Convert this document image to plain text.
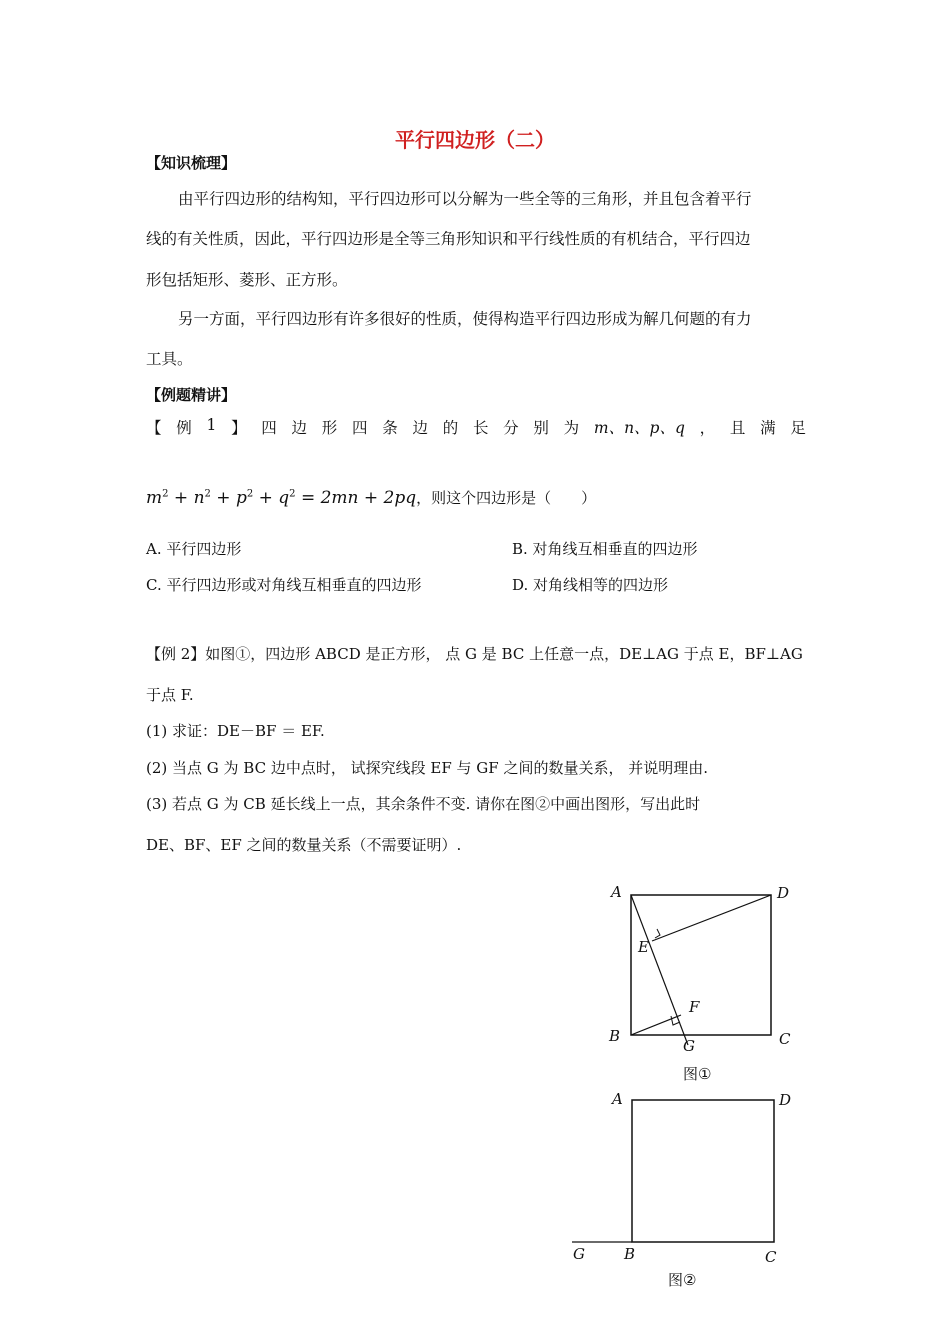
平行四边形（二）
【知识梳理】
由平行四边形的结构知，平行四边形可以分解为一些全等的三角形，并且包含着平行
线的有关性质，因此，平行四边形是全等三角形知识和平行线性质的有机结合，平行四边
形包括矩形、菱形、正方形。
另一方面，平行四边形有许多很好的性质，使得构造平行四边形成为解几何题的有力
工具。
【例题精讲】
【 例 1 】 四 边 形 四 条 边 的 长 分 别 为 m、n、p、q ， 且 满 足
$m^2 + n^2 + p^2 + q^2 = 2mn + 2pq$，则这个四边形是（　　）
A. 平行四边形	B. 对角线互相垂直的四边形
C. 平行四边形或对角线互相垂直的四边形	D. 对角线相等的四边形
【例 2】如图①，四边形 ABCD 是正方形， 点 G 是 BC 上任意一点，DE⊥AG 于点 E，BF⊥AG
于点 F.
(1) 求证：DE－BF ＝ EF.
(2) 当点 G 为 BC 边中点时， 试探究线段 EF 与 GF 之间的数量关系， 并说明理由.
(3) 若点 G 为 CB 延长线上一点，其余条件不变. 请你在图②中画出图形，写出此时
DE、BF、EF 之间的数量关系（不需要证明）.
A	D
E
F
B
G	C
图①
A	D
G	B	C
图②
